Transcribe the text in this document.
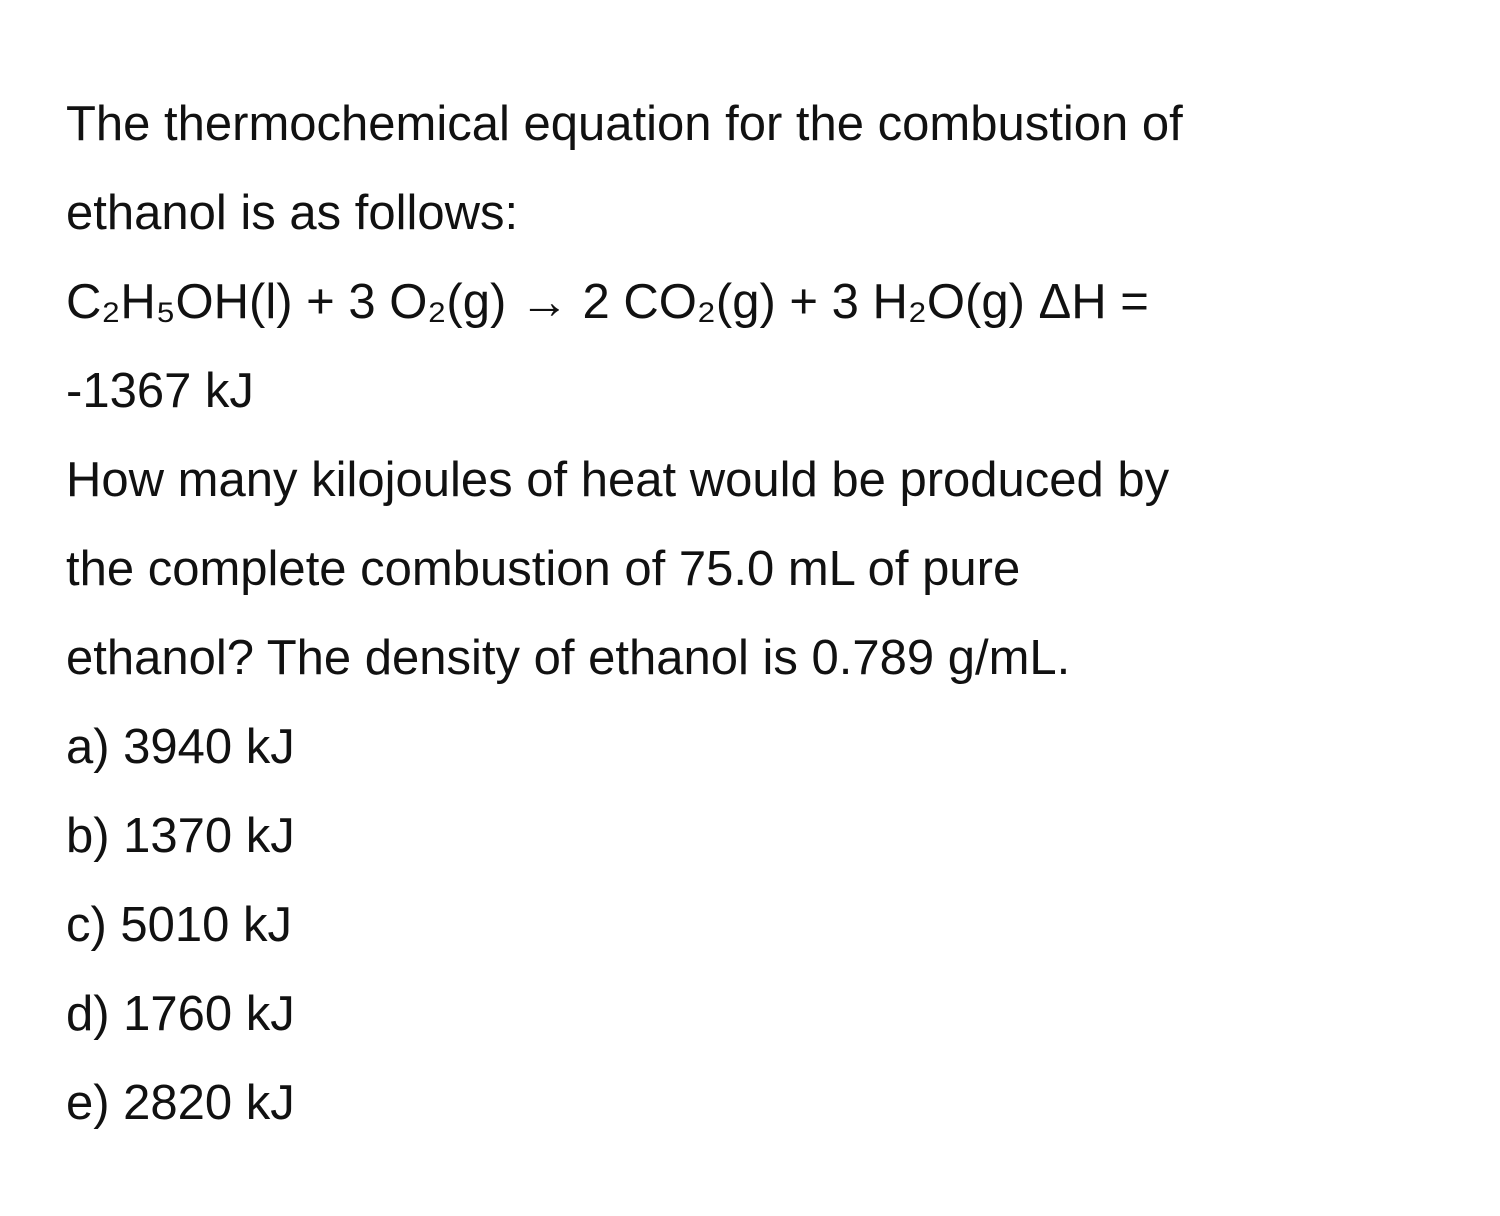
The thermochemical equation for the combustion of

ethanol is as follows:

C₂H₅OH(l) + 3 O₂(g) → 2 CO₂(g) + 3 H₂O(g) ΔH =

-1367 kJ

How many kilojoules of heat would be produced by

the complete combustion of 75.0 mL of pure

ethanol? The density of ethanol is 0.789 g/mL.

a) 3940 kJ

b) 1370 kJ

c) 5010 kJ

d) 1760 kJ

e) 2820 kJ
